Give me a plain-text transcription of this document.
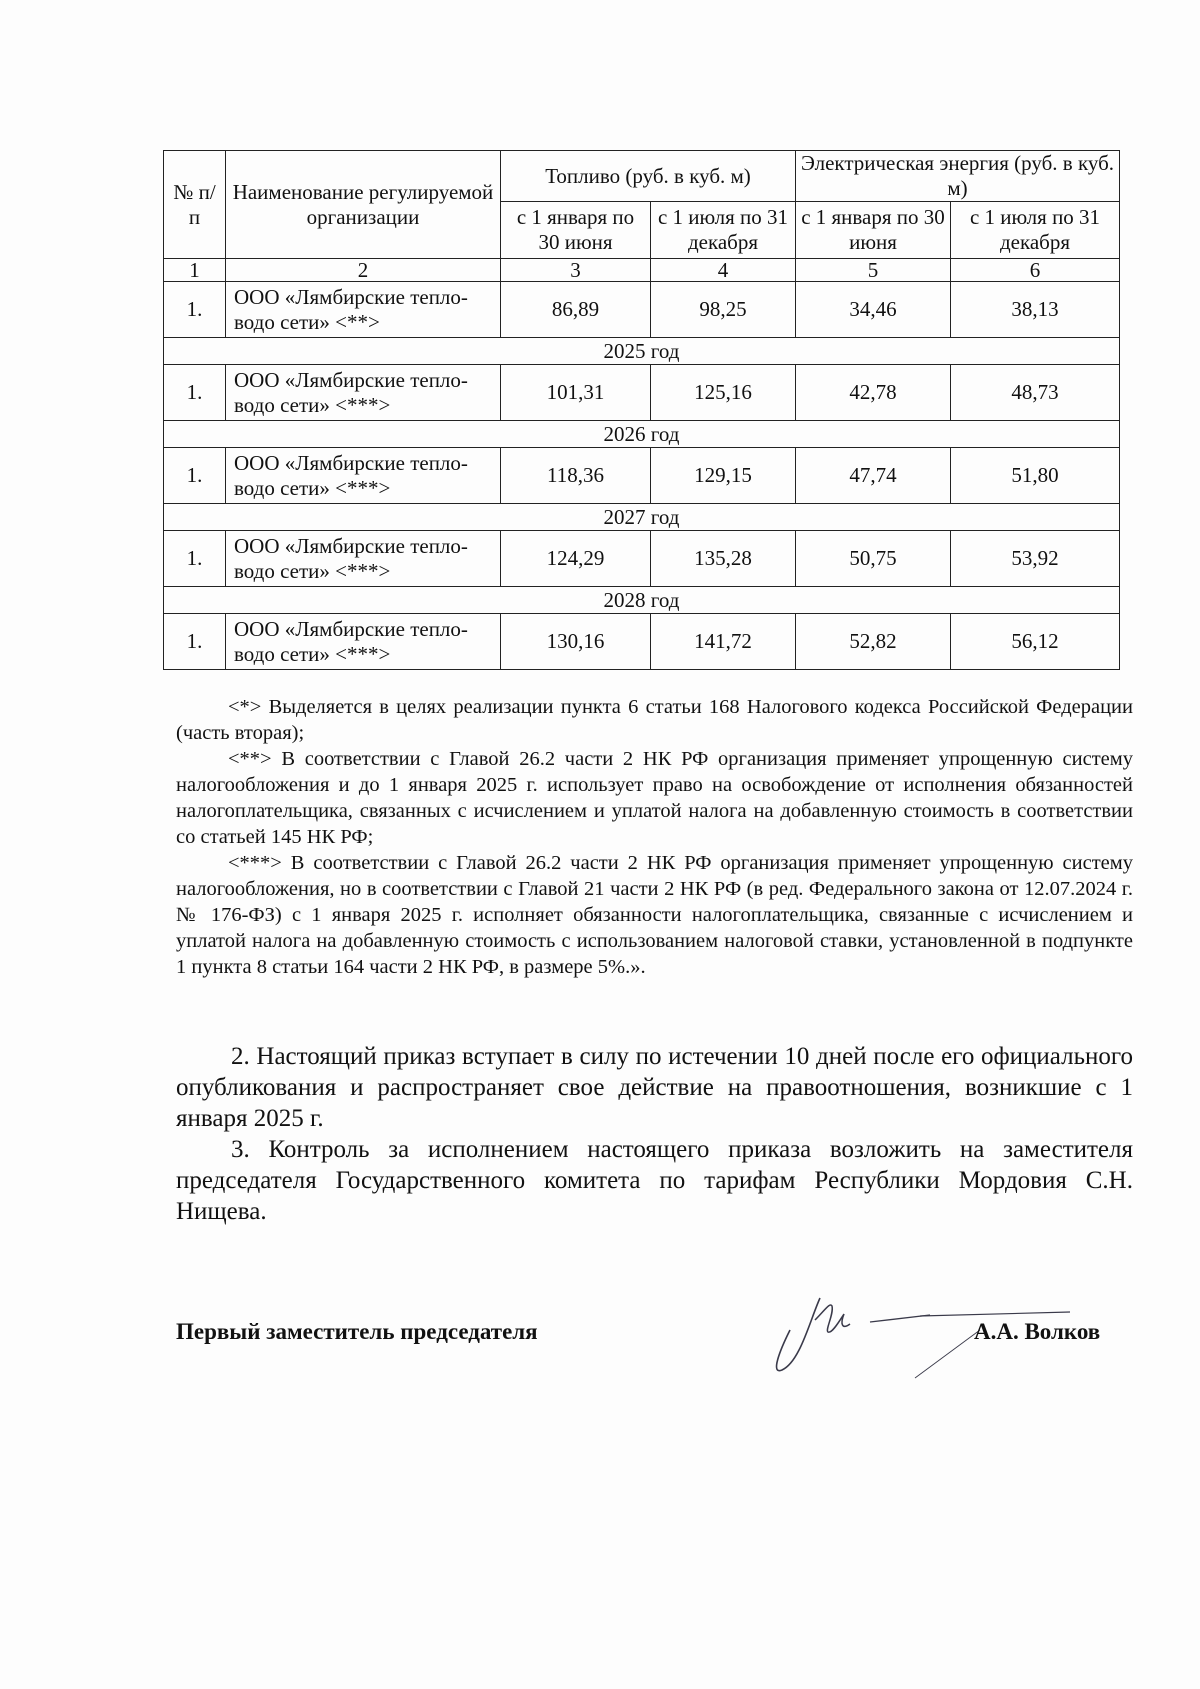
№ п/п	Наименование регулируемой организации	Топливо (руб. в куб. м)		Электрическая энергия (руб. в куб. м)	
		с 1 января по 30 июня	с 1 июля по 31 декабря	с 1 января по 30 июня	с 1 июля по 31 декабря
1	2	3	4	5	6
1.	ООО «Лямбирские тепло-водо сети» <**>	86,89	98,25	34,46	38,13
2025 год					
1.	ООО «Лямбирские тепло-водо сети» <***>	101,31	125,16	42,78	48,73
2026 год					
1.	ООО «Лямбирские тепло-водо сети» <***>	118,36	129,15	47,74	51,80
2027 год					
1.	ООО «Лямбирские тепло-водо сети» <***>	124,29	135,28	50,75	53,92
2028 год					
1.	ООО «Лямбирские тепло-водо сети» <***>	130,16	141,72	52,82	56,12

<*> Выделяется в целях реализации пункта 6 статьи 168 Налогового кодекса Российской Федерации (часть вторая);

<**> В соответствии с Главой 26.2 части 2 НК РФ организация применяет упрощенную систему налогообложения и до 1 января 2025 г. использует право на освобождение от исполнения обязанностей налогоплательщика, связанных с исчислением и уплатой налога на добавленную стоимость в соответствии со статьей 145 НК РФ;

<***> В соответствии с Главой 26.2 части 2 НК РФ организация применяет упрощенную систему налогообложения, но в соответствии с Главой 21 части 2 НК РФ (в ред. Федерального закона от 12.07.2024 г. № 176-ФЗ) с 1 января 2025 г. исполняет обязанности налогоплательщика, связанные с исчислением и уплатой налога на добавленную стоимость с использованием налоговой ставки, установленной в подпункте 1 пункта 8 статьи 164 части 2 НК РФ, в размере 5%.».

2. Настоящий приказ вступает в силу по истечении 10 дней после его официального опубликования и распространяет свое действие на правоотношения, возникшие с 1 января 2025 г.

3. Контроль за исполнением настоящего приказа возложить на заместителя председателя Государственного комитета по тарифам Республики Мордовия С.Н. Нищева.

Первый заместитель председателя	А.А. Волков
